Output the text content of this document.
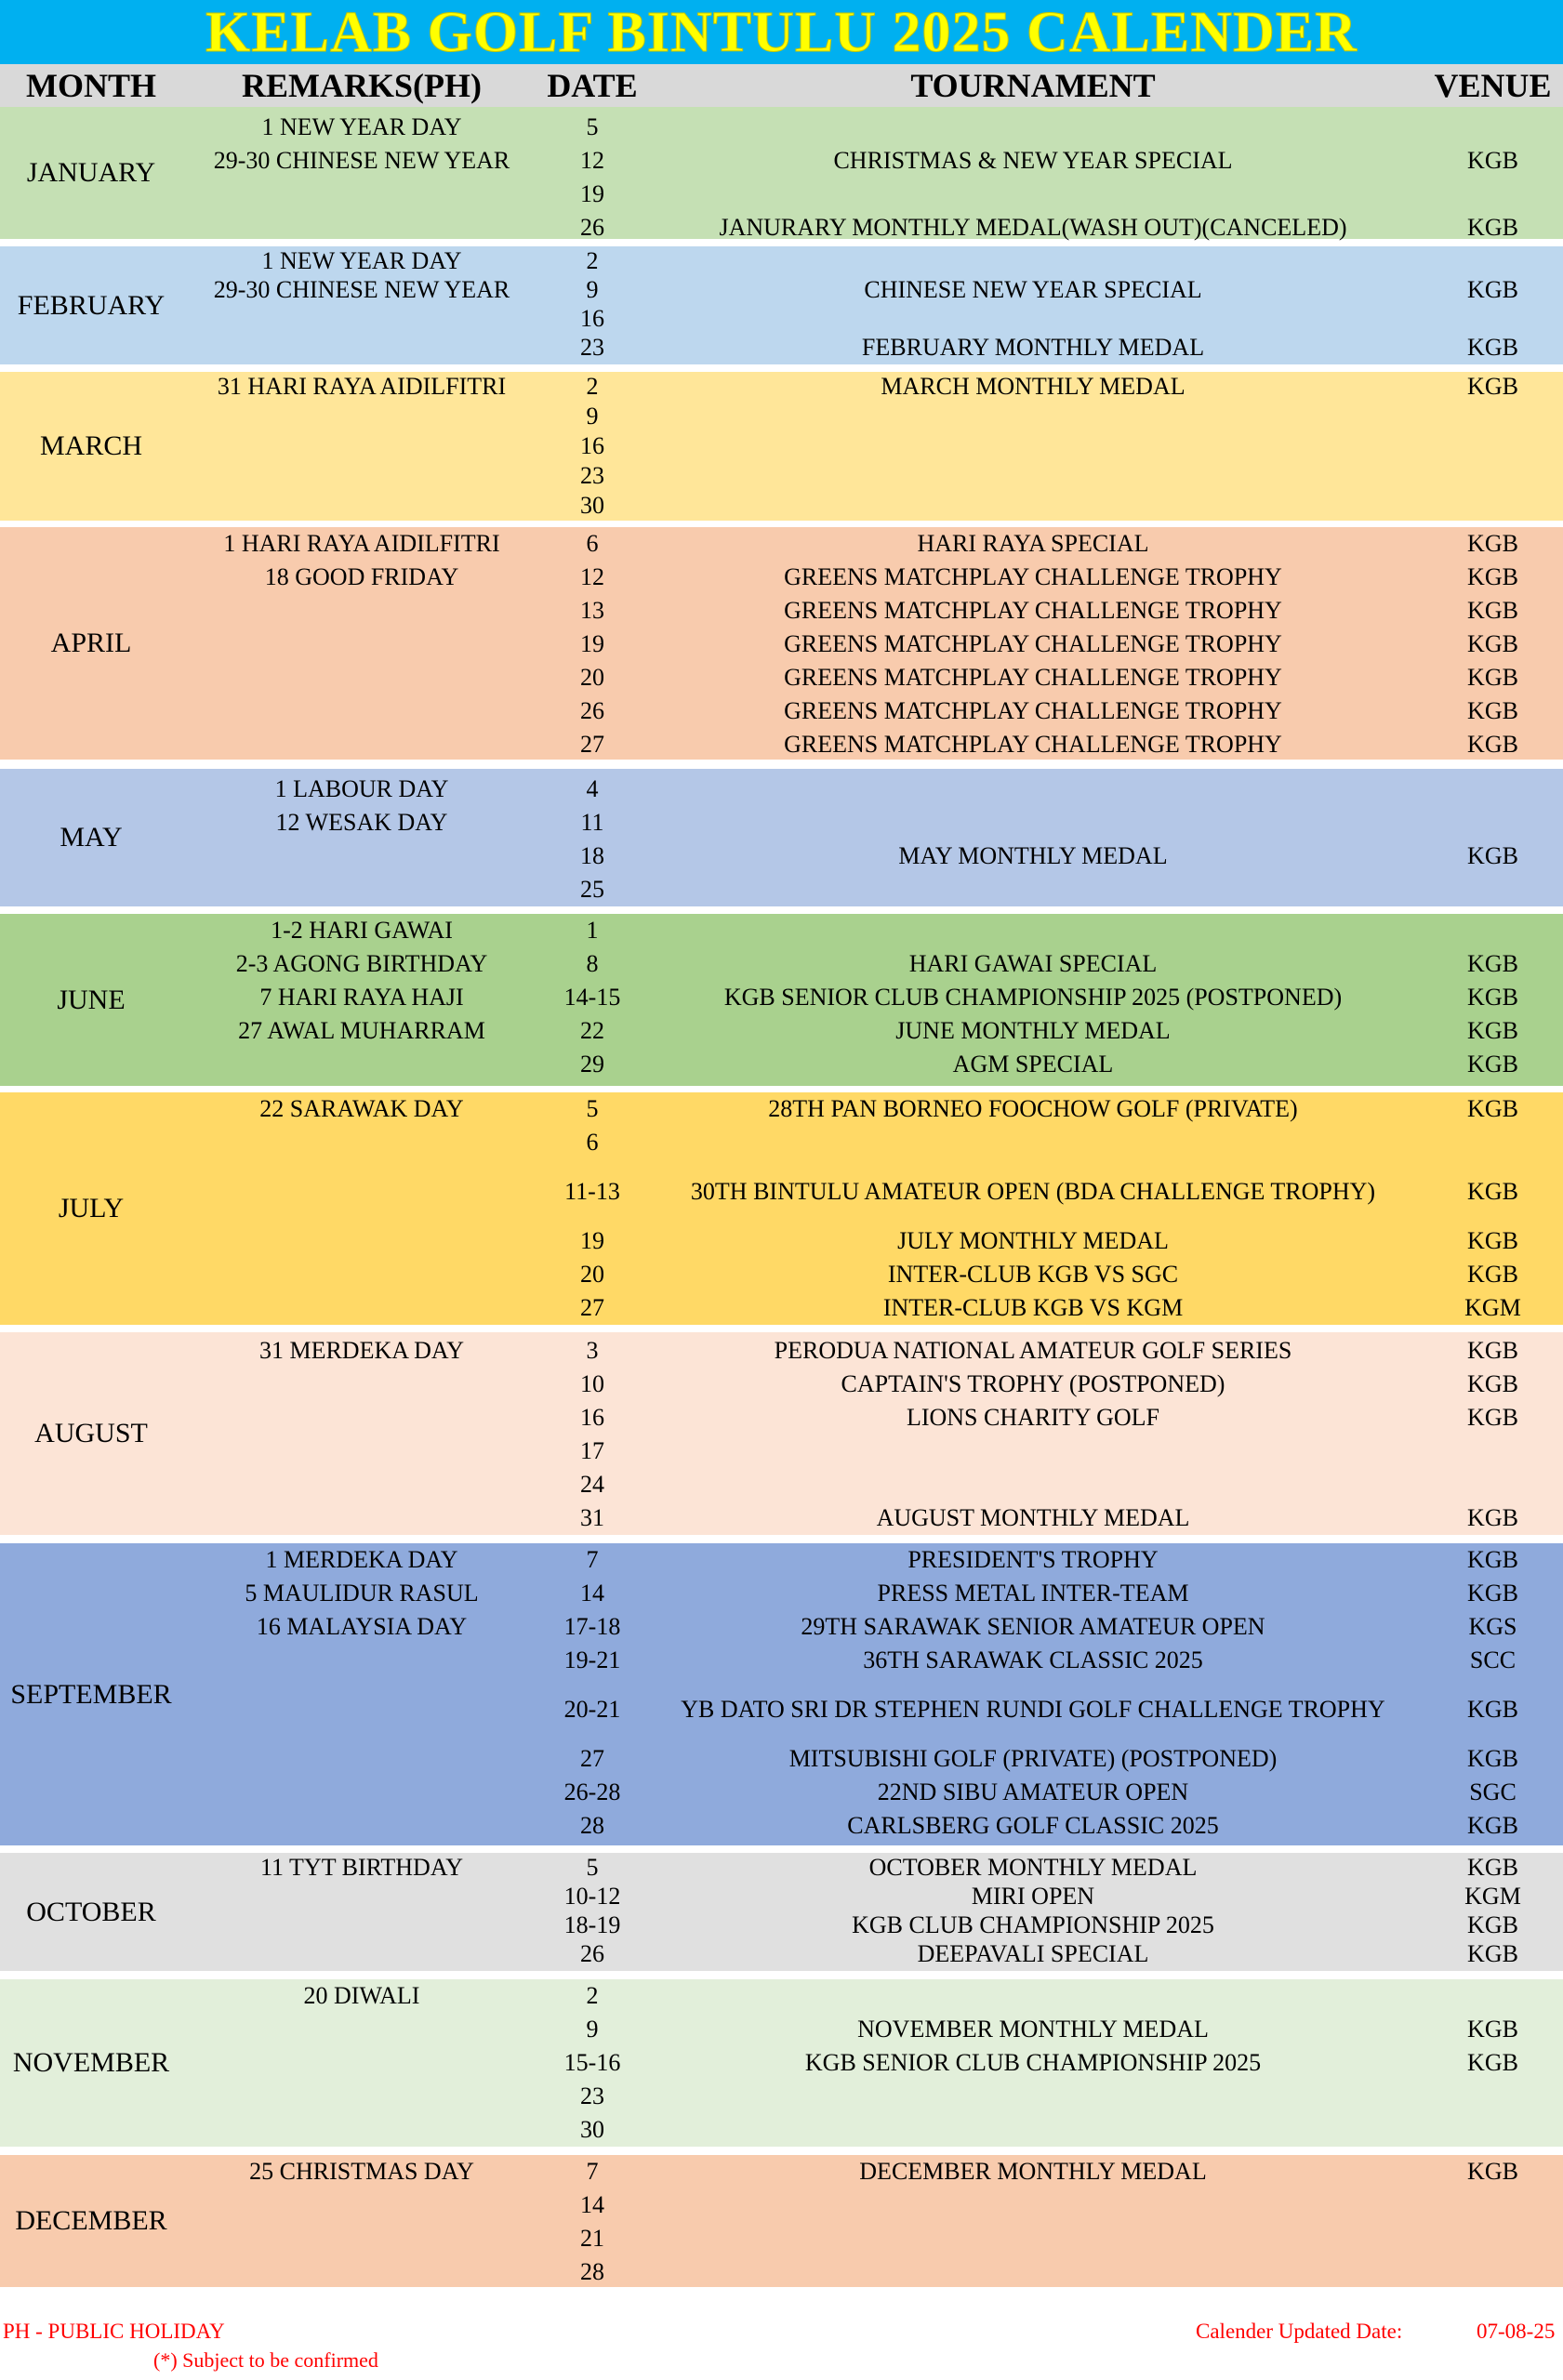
KELAB GOLF BINTULU 2025 CALENDER
MONTH	REMARKS(PH)	DATE	TOURNAMENT	VENUE
JANUARY
1 NEW YEAR DAY	5
29-30 CHINESE NEW YEAR	12	CHRISTMAS & NEW YEAR SPECIAL	KGB
19
26	JANURARY MONTHLY MEDAL(WASH OUT)(CANCELED)	KGB
FEBRUARY
1 NEW YEAR DAY	2
29-30 CHINESE NEW YEAR	9	CHINESE NEW YEAR SPECIAL	KGB
16
23	FEBRUARY MONTHLY MEDAL	KGB
MARCH
31 HARI RAYA AIDILFITRI	2	MARCH MONTHLY MEDAL	KGB
9
16
23
30
APRIL
1 HARI RAYA AIDILFITRI	6	HARI RAYA SPECIAL	KGB
18 GOOD FRIDAY	12	GREENS MATCHPLAY CHALLENGE TROPHY	KGB
13	GREENS MATCHPLAY CHALLENGE TROPHY	KGB
19	GREENS MATCHPLAY CHALLENGE TROPHY	KGB
20	GREENS MATCHPLAY CHALLENGE TROPHY	KGB
26	GREENS MATCHPLAY CHALLENGE TROPHY	KGB
27	GREENS MATCHPLAY CHALLENGE TROPHY	KGB
MAY
1 LABOUR DAY	4
12 WESAK DAY	11
18	MAY MONTHLY MEDAL	KGB
25
JUNE
1-2 HARI GAWAI	1
2-3 AGONG BIRTHDAY	8	HARI GAWAI SPECIAL	KGB
7 HARI RAYA HAJI	14-15	KGB SENIOR CLUB CHAMPIONSHIP 2025 (POSTPONED)	KGB
27 AWAL MUHARRAM	22	JUNE MONTHLY MEDAL	KGB
29	AGM SPECIAL	KGB
JULY
22 SARAWAK DAY	5	28TH PAN BORNEO FOOCHOW GOLF (PRIVATE)	KGB
6
11-13	30TH BINTULU AMATEUR OPEN (BDA CHALLENGE TROPHY)	KGB
19	JULY MONTHLY MEDAL	KGB
20	INTER-CLUB KGB VS SGC	KGB
27	INTER-CLUB KGB VS KGM	KGM
AUGUST
31 MERDEKA DAY	3	PERODUA NATIONAL AMATEUR GOLF SERIES	KGB
10	CAPTAIN'S TROPHY (POSTPONED)	KGB
16	LIONS CHARITY GOLF	KGB
17
24
31	AUGUST MONTHLY MEDAL	KGB
SEPTEMBER
1 MERDEKA DAY	7	PRESIDENT'S TROPHY	KGB
5 MAULIDUR RASUL	14	PRESS METAL INTER-TEAM	KGB
16 MALAYSIA DAY	17-18	29TH SARAWAK SENIOR AMATEUR OPEN	KGS
19-21	36TH SARAWAK CLASSIC 2025	SCC
20-21	YB DATO SRI DR STEPHEN RUNDI GOLF CHALLENGE TROPHY	KGB
27	MITSUBISHI GOLF (PRIVATE) (POSTPONED)	KGB
26-28	22ND SIBU AMATEUR OPEN	SGC
28	CARLSBERG GOLF CLASSIC 2025	KGB
OCTOBER
11 TYT BIRTHDAY	5	OCTOBER MONTHLY MEDAL	KGB
10-12	MIRI OPEN	KGM
18-19	KGB CLUB CHAMPIONSHIP 2025	KGB
26	DEEPAVALI SPECIAL	KGB
NOVEMBER
20 DIWALI	2
9	NOVEMBER MONTHLY MEDAL	KGB
15-16	KGB SENIOR CLUB CHAMPIONSHIP 2025	KGB
23
30
DECEMBER
25 CHRISTMAS DAY	7	DECEMBER MONTHLY MEDAL	KGB
14
21
28
PH - PUBLIC HOLIDAY
(*) Subject to be confirmed
Calender Updated Date:	07-08-25
